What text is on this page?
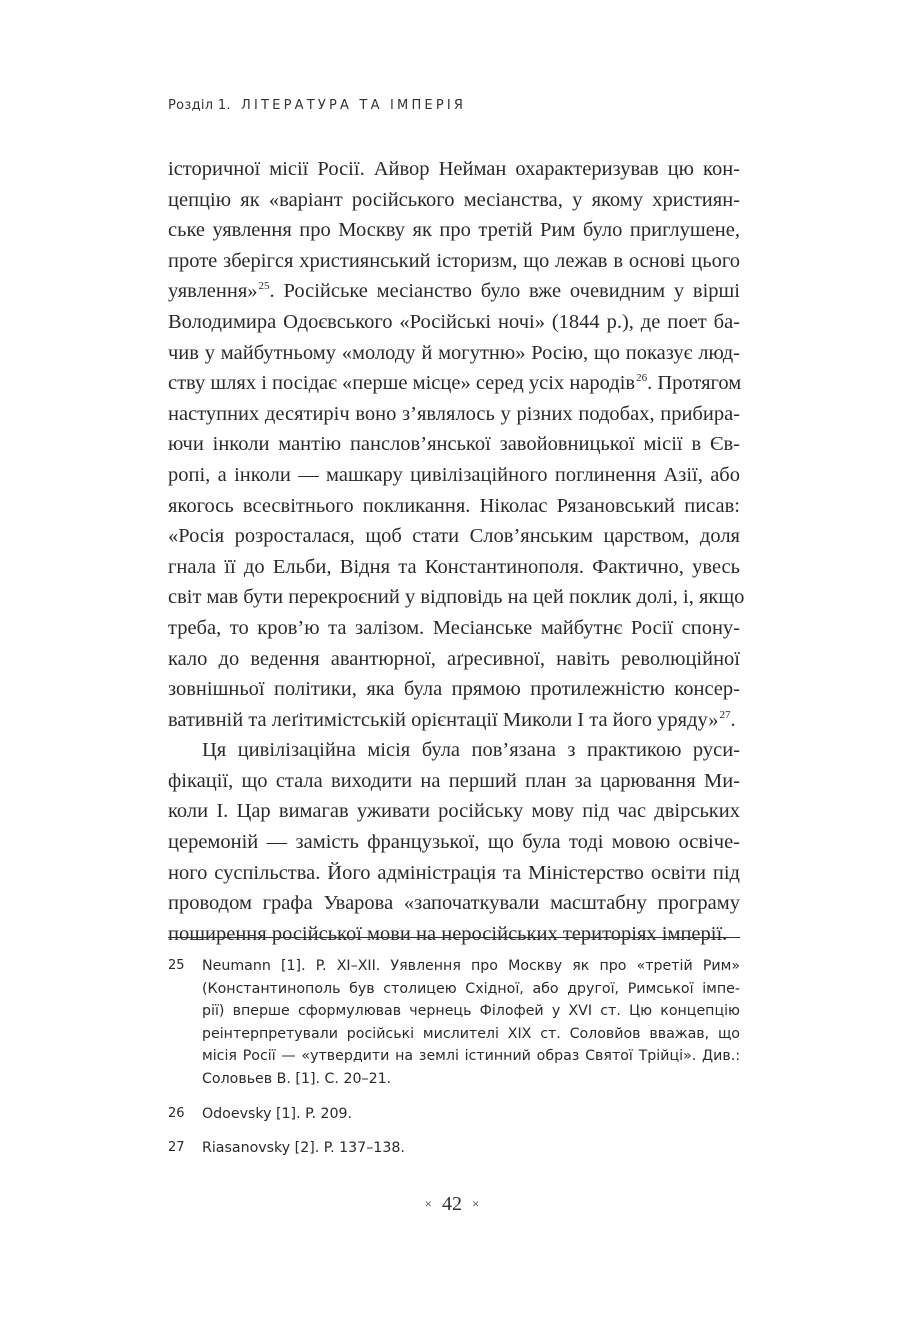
Розділ 1. ЛІТЕРАТУРА ТА ІМПЕРІЯ
історичної місії Росії. Айвор Нейман охарактеризував цю кон-
цепцію як «варіант російського месіанства, у якому християн-
ське уявлення про Москву як про третій Рим було приглушене,
проте зберігся християнський історизм, що лежав в основі цього
уявлення»$^{25}$. Російське месіанство було вже очевидним у вірші
Володимира Одоєвського «Російські ночі» (1844 р.), де поет ба-
чив у майбутньому «молоду й могутню» Росію, що показує люд-
ству шлях і посідає «перше місце» серед усіх народів$^{26}$. Протягом
наступних десятиріч воно з’являлось у різних подобах, прибира-
ючи інколи мантію панслов’янської завойовницької місії в Єв-
ропі, а інколи — машкару цивілізаційного поглинення Азії, або
якогось всесвітнього покликання. Ніколас Рязановський писав:
«Росія розросталася, щоб стати Слов’янським царством, доля
гнала її до Ельби, Відня та Константинополя. Фактично, увесь
світ мав бути перекроєний у відповідь на цей поклик долі, і, якщо
треба, то кров’ю та залізом. Месіанське майбутнє Росії спону-
кало до ведення авантюрної, аґресивної, навіть революційної
зовнішньої політики, яка була прямою протилежністю консер-
вативній та леґітимістській орієнтації Миколи І та його уряду»$^{27}$.
Ця цивілізаційна місія була пов’язана з практикою руси-
фікації, що стала виходити на перший план за царювання Ми-
коли І. Цар вимагав уживати російську мову під час двірських
церемоній — замість французької, що була тоді мовою освіче-
ного суспільства. Його адміністрація та Міністерство освіти під
проводом графа Уварова «започаткували масштабну програму
поширення російської мови на неросійських територіях імперії.
25 Neumann [1]. P. XI–XII. Уявлення про Москву як про «третій Рим»
(Константинополь був столицею Східної, або другої, Римської імпе-
рії) вперше сформулював чернець Філофей у XVI ст. Цю концепцію
реінтерпретували російські мислителі XIX ст. Соловйов вважав, що
місія Росії — «утвердити на землі істинний образ Святої Трійці». Див.:
Соловьев В. [1]. С. 20–21.
26 Odoevsky [1]. P. 209.
27 Riasanovsky [2]. P. 137–138.
× 42 ×
